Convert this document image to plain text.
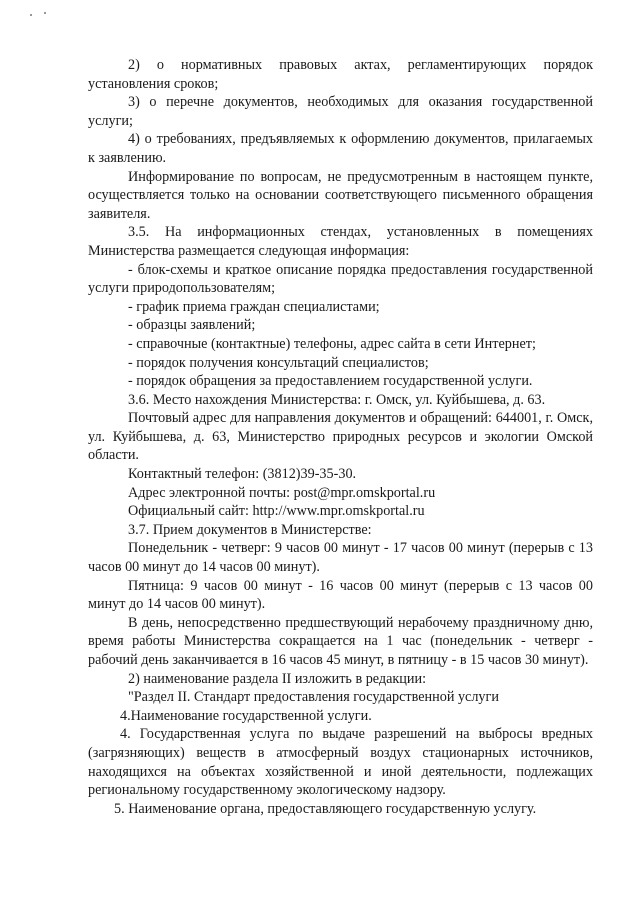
2) о нормативных правовых актах, регламентирующих порядок установления сроков;

3) о перечне документов, необходимых для оказания государственной услуги;

4) о требованиях, предъявляемых к оформлению документов, прилагаемых к заявлению.

Информирование по вопросам, не предусмотренным в настоящем пункте, осуществляется только на основании соответствующего письменного обращения заявителя.

3.5. На информационных стендах, установленных в помещениях Министерства размещается следующая информация:

- блок-схемы и краткое описание порядка предоставления государственной услуги природопользователям;

- график приема граждан специалистами;

- образцы заявлений;

- справочные (контактные) телефоны, адрес сайта в сети Интернет;

- порядок получения консультаций специалистов;

- порядок обращения за предоставлением государственной услуги.

3.6. Место нахождения Министерства: г. Омск, ул. Куйбышева, д. 63.

Почтовый адрес для направления документов и обращений: 644001, г. Омск, ул. Куйбышева, д. 63, Министерство природных ресурсов и экологии Омской области.

Контактный телефон: (3812)39-35-30.

Адрес электронной почты: post@mpr.omskportal.ru

Официальный сайт: http://www.mpr.omskportal.ru

3.7. Прием документов в Министерстве:

Понедельник - четверг: 9 часов 00 минут - 17 часов 00 минут (перерыв с 13 часов 00 минут до 14 часов 00 минут).

Пятница: 9 часов 00 минут - 16 часов 00 минут (перерыв с 13 часов 00 минут до 14 часов 00 минут).

В день, непосредственно предшествующий нерабочему праздничному дню, время работы Министерства сокращается на 1 час (понедельник - четверг - рабочий день заканчивается в 16 часов 45 минут, в пятницу - в 15 часов 30 минут).

2) наименование раздела II изложить в редакции:

"Раздел II. Стандарт предоставления государственной услуги

4.Наименование государственной услуги.

4. Государственная услуга по выдаче разрешений на выбросы вредных (загрязняющих) веществ в атмосферный воздух стационарных источников, находящихся на объектах хозяйственной и иной деятельности, подлежащих региональному государственному экологическому надзору.

5. Наименование органа, предоставляющего государственную услугу.
